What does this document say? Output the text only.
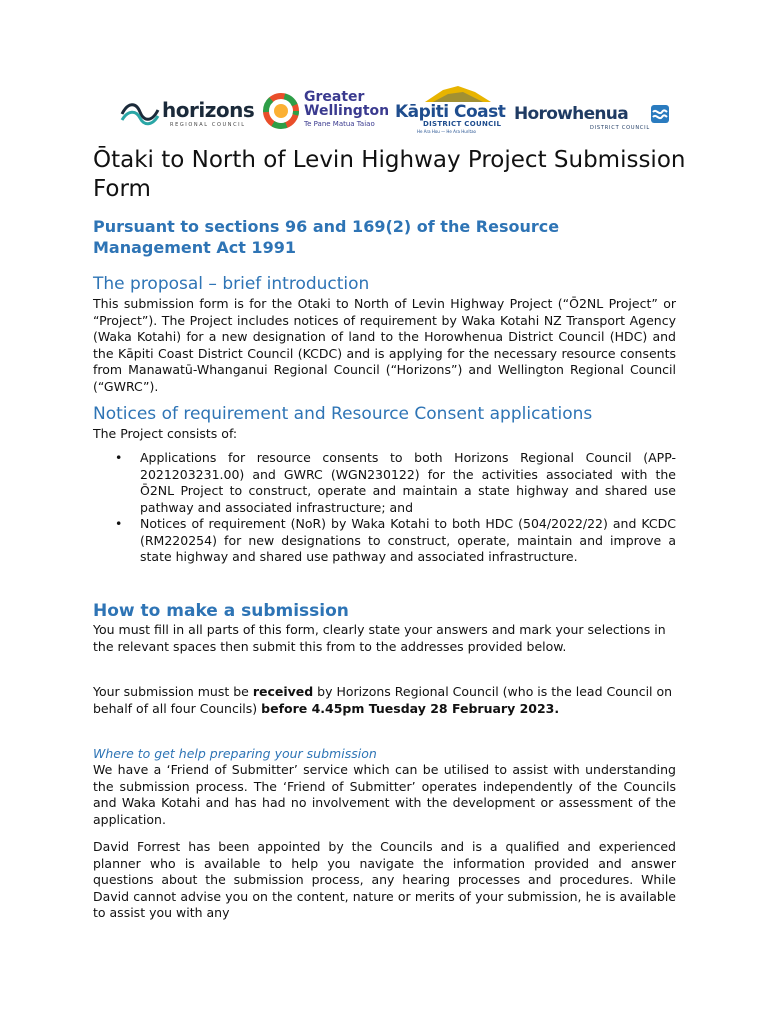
horizons
REGIONAL COUNCIL
Greater
Wellington
Te Pane Matua Taiao
Kāpiti Coast
DISTRICT COUNCIL
He Ara Hou — He Ara Huritao
Horowhenua
DISTRICT COUNCIL
Ōtaki to North of Levin Highway Project Submission Form
Pursuant to sections 96 and 169(2) of the Resource Management Act 1991
The proposal – brief introduction

This submission form is for the Otaki to North of Levin Highway Project (“Ō2NL Project” or “Project”). The Project includes notices of requirement by Waka Kotahi NZ Transport Agency (Waka Kotahi) for a new designation of land to the Horowhenua District Council (HDC) and the Kāpiti Coast District Council (KCDC) and is applying for the necessary resource consents from Manawatū-Whanganui Regional Council (“Horizons”) and Wellington Regional Council (“GWRC”).

Notices of requirement and Resource Consent applications

The Project consists of:

• Applications for resource consents to both Horizons Regional Council (APP-2021203231.00) and GWRC (WGN230122) for the activities associated with the Ō2NL Project to construct, operate and maintain a state highway and shared use pathway and associated infrastructure; and
• Notices of requirement (NoR) by Waka Kotahi to both HDC (504/2022/22) and KCDC (RM220254) for new designations to construct, operate, maintain and improve a state highway and shared use pathway and associated infrastructure.
How to make a submission

You must fill in all parts of this form, clearly state your answers and mark your selections in the relevant spaces then submit this from to the addresses provided below.

Your submission must be received by Horizons Regional Council (who is the lead Council on behalf of all four Councils) before 4.45pm Tuesday 28 February 2023.

Where to get help preparing your submission

We have a ‘Friend of Submitter’ service which can be utilised to assist with understanding the submission process. The ‘Friend of Submitter’ operates independently of the Councils and Waka Kotahi and has had no involvement with the development or assessment of the application.

David Forrest has been appointed by the Councils and is a qualified and experienced planner who is available to help you navigate the information provided and answer questions about the submission process, any hearing processes and procedures. While David cannot advise you on the content, nature or merits of your submission, he is available to assist you with any
